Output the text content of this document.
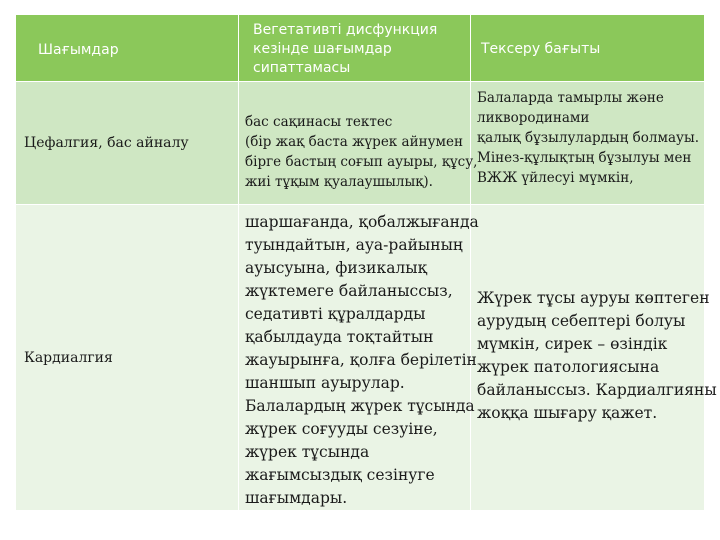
Шағымдар
Вегетативті дисфункция
кезінде шағымдар
сипаттамасы
Тексеру бағыты
Цефалгия, бас айналу
бас сақинасы тектес
(бір жақ баста жүрек айнумен
бірге бастың соғып ауыры, құсу,
жиі тұқым қуалаушылық).
Балаларда тамырлы және
ликвородинами
қалық бұзылулардың болмауы.
Мінез-құлықтың бұзылуы мен
ВЖЖ үйлесуі мүмкін,
Кардиалгия
шаршағанда, қобалжығанда
туындайтын, ауа-райының
ауысуына, физикалық
жүктемеге байланыссыз,
седативті құралдарды
қабылдауда тоқтайтын
жауырынға, қолға берілетін
шаншып ауырулар.
Балалардың жүрек тұсында
жүрек соғууды сезуіне,
жүрек тұсында
жағымсыздық сезінуге
шағымдары.
Жүрек тұсы ауруы көптеген
аурудың себептері болуы
мүмкін, сирек – өзіндік
жүрек патологиясына
байланыссыз. Кардиалгияны
жоққа шығару қажет.
